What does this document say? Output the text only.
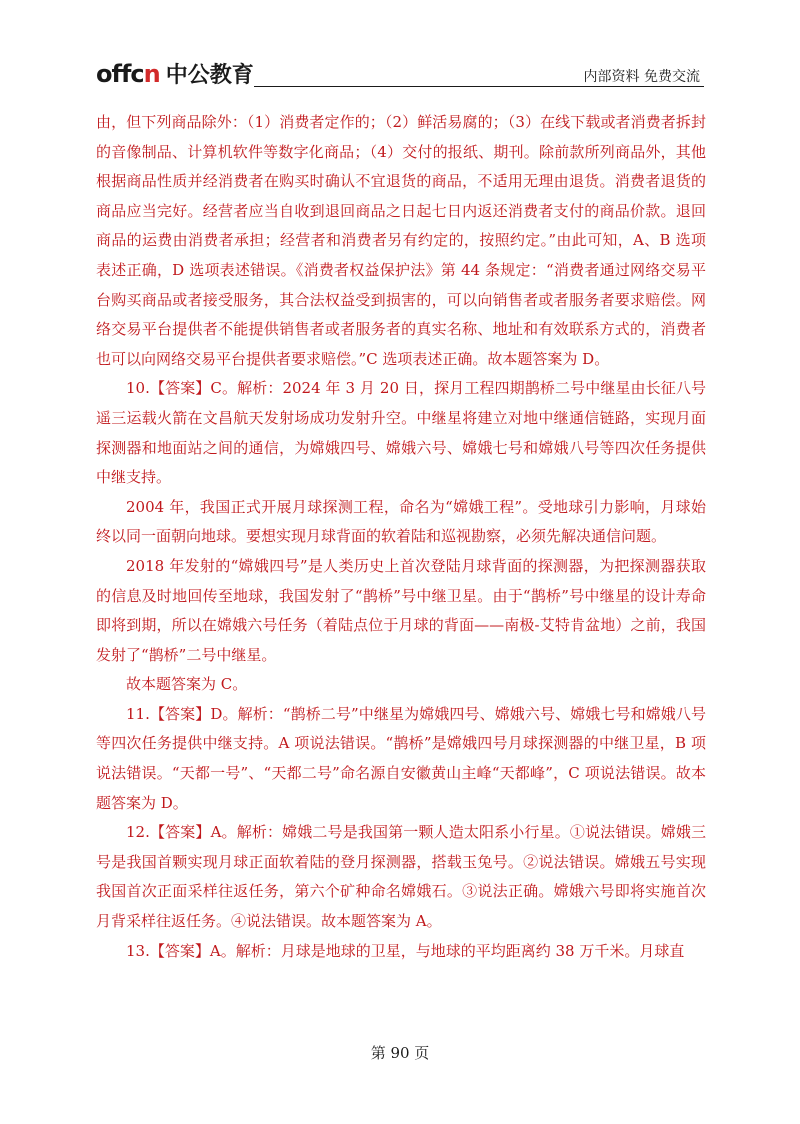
offcn 中公教育	内部资料 免费交流

由，但下列商品除外：（1）消费者定作的；（2）鲜活易腐的；（3）在线下载或者消费者拆封的音像制品、计算机软件等数字化商品；（4）交付的报纸、期刊。除前款所列商品外，其他根据商品性质并经消费者在购买时确认不宜退货的商品，不适用无理由退货。消费者退货的商品应当完好。经营者应当自收到退回商品之日起七日内返还消费者支付的商品价款。退回商品的运费由消费者承担；经营者和消费者另有约定的，按照约定。”由此可知，A、B 选项表述正确，D 选项表述错误。《消费者权益保护法》第 44 条规定：“消费者通过网络交易平台购买商品或者接受服务，其合法权益受到损害的，可以向销售者或者服务者要求赔偿。网络交易平台提供者不能提供销售者或者服务者的真实名称、地址和有效联系方式的，消费者也可以向网络交易平台提供者要求赔偿。”C 选项表述正确。故本题答案为 D。

10.【答案】C。解析：2024 年 3 月 20 日，探月工程四期鹊桥二号中继星由长征八号遥三运载火箭在文昌航天发射场成功发射升空。中继星将建立对地中继通信链路，实现月面探测器和地面站之间的通信，为嫦娥四号、嫦娥六号、嫦娥七号和嫦娥八号等四次任务提供中继支持。

2004 年，我国正式开展月球探测工程，命名为“嫦娥工程”。受地球引力影响，月球始终以同一面朝向地球。要想实现月球背面的软着陆和巡视勘察，必须先解决通信问题。

2018 年发射的“嫦娥四号”是人类历史上首次登陆月球背面的探测器，为把探测器获取的信息及时地回传至地球，我国发射了“鹊桥”号中继卫星。由于“鹊桥”号中继星的设计寿命即将到期，所以在嫦娥六号任务（着陆点位于月球的背面——南极-艾特肯盆地）之前，我国发射了“鹊桥”二号中继星。

故本题答案为 C。

11.【答案】D。解析：“鹊桥二号”中继星为嫦娥四号、嫦娥六号、嫦娥七号和嫦娥八号等四次任务提供中继支持。A 项说法错误。“鹊桥”是嫦娥四号月球探测器的中继卫星，B 项说法错误。“天都一号”、“天都二号”命名源自安徽黄山主峰“天都峰”，C 项说法错误。故本题答案为 D。

12.【答案】A。解析：嫦娥二号是我国第一颗人造太阳系小行星。①说法错误。嫦娥三号是我国首颗实现月球正面软着陆的登月探测器，搭载玉兔号。②说法错误。嫦娥五号实现我国首次正面采样往返任务，第六个矿种命名嫦娥石。③说法正确。嫦娥六号即将实施首次月背采样往返任务。④说法错误。故本题答案为 A。

13.【答案】A。解析：月球是地球的卫星，与地球的平均距离约 38 万千米。月球直

第 90 页
